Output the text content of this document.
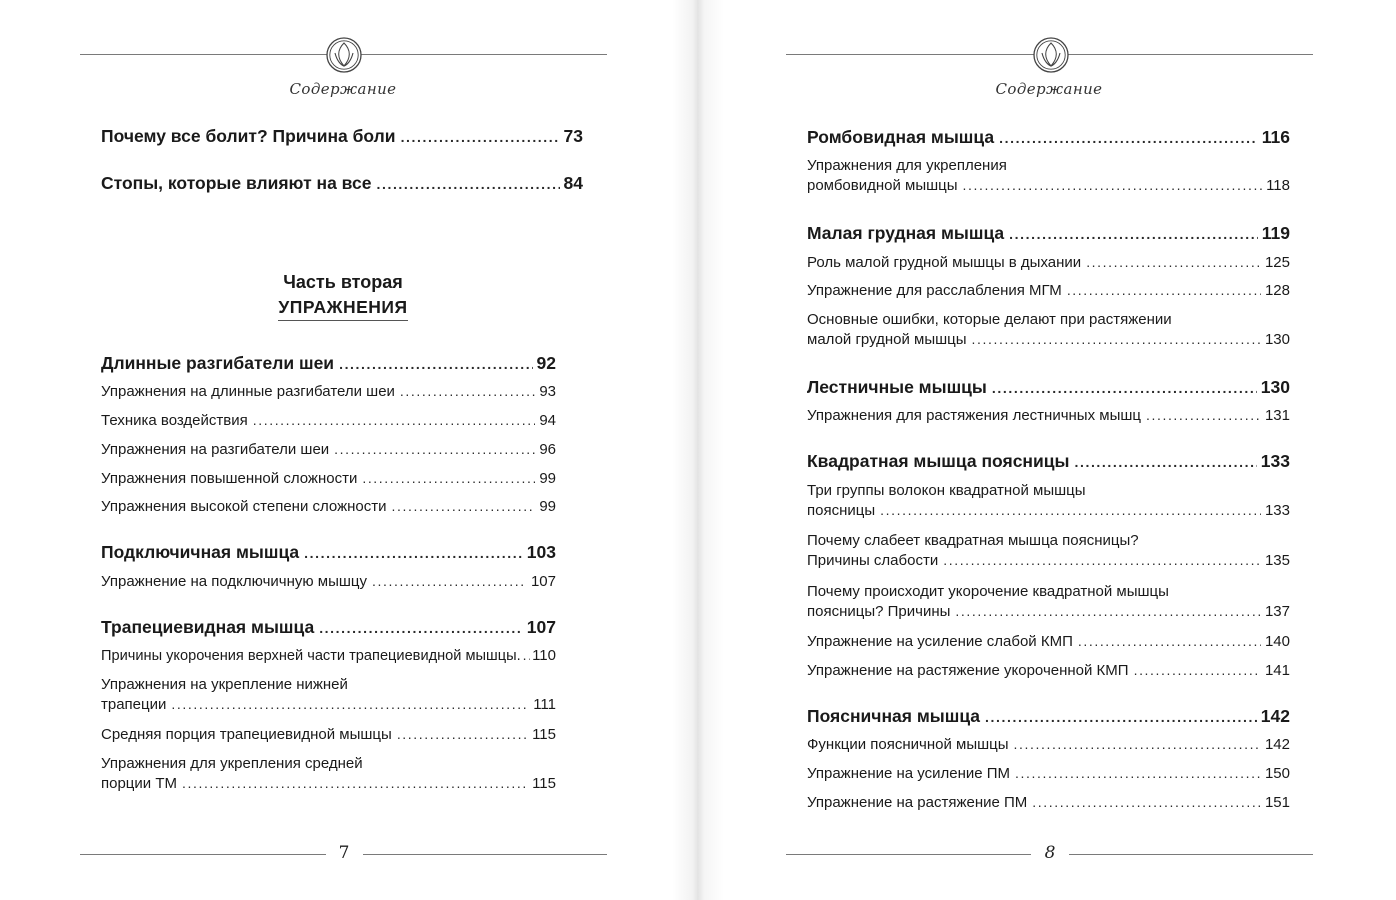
Содержание
Почему все болит? Причина боли .....	73
Стопы, которые влияют на все .....	84
Часть вторая
УПРАЖНЕНИЯ
Длинные разгибатели шеи .....	92
Упражнения на длинные разгибатели шеи .....	93
Техника воздействия .....	94
Упражнения на разгибатели шеи .....	96
Упражнения повышенной сложности .....	99
Упражнения высокой степени сложности .....	99
Подключичная мышца .....	103
Упражнение на подключичную мышцу .....	107
Трапециевидная мышца .....	107
Причины укорочения верхней части трапециевидной мышцы. ..... 110
Упражнения на укрепление нижней
трапеции .....	111
Средняя порция трапециевидной мышцы .....	115
Упражнения для укрепления средней
порции ТМ .....	115
7
Содержание
Ромбовидная мышца .....	116
Упражнения для укрепления
ромбовидной мышцы .....	118
Малая грудная мышца .....	119
Роль малой грудной мышцы в дыхании .....	125
Упражнение для расслабления МГМ .....	128
Основные ошибки, которые делают при растяжении
малой грудной мышцы .....	130
Лестничные мышцы .....	130
Упражнения для растяжения лестничных мышц .....	131
Квадратная мышца поясницы .....	133
Три группы волокон квадратной мышцы
поясницы .....	133
Почему слабеет квадратная мышца поясницы?
Причины слабости .....	135
Почему происходит укорочение квадратной мышцы
поясницы? Причины .....	137
Упражнение на усиление слабой КМП .....	140
Упражнение на растяжение укороченной КМП .....	141
Поясничная мышца .....	142
Функции поясничной мышцы .....	142
Упражнение на усиление ПМ .....	150
Упражнение на растяжение ПМ .....	151
8
